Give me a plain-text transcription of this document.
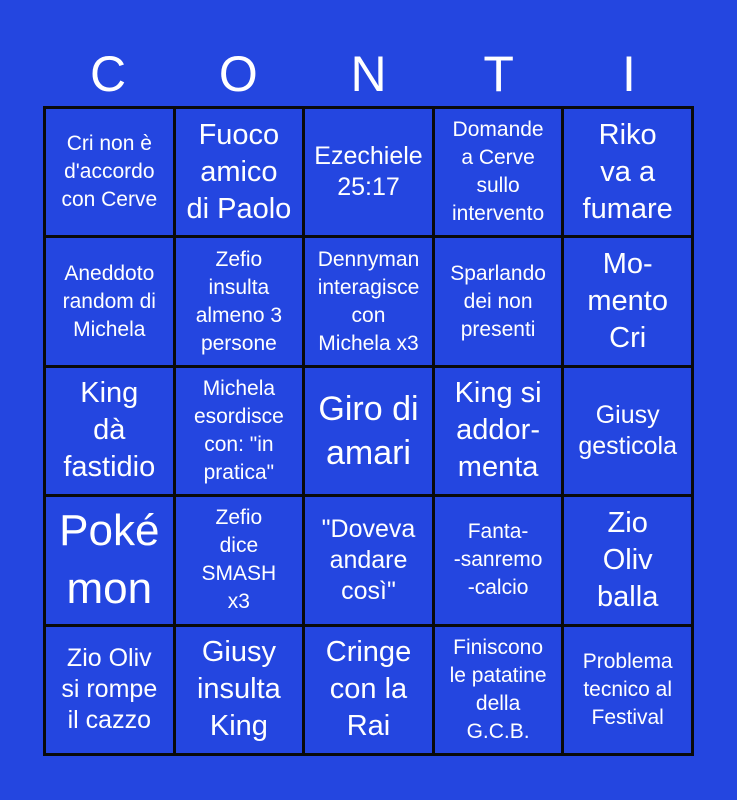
C	O	N	T	I
Cri non è
d'accordo
con Cerve
Fuoco
amico
di Paolo
Ezechiele
25:17
Domande
a Cerve
sullo
intervento
Riko
va a
fumare
Aneddoto
random di
Michela
Zefio
insulta
almeno 3
persone
Dennyman
interagisce
con
Michela x3
Sparlando
dei non
presenti
Mo-
mento
Cri
King
dà
fastidio
Michela
esordisce
con: "in
pratica"
Giro di
amari
King si
addor-
menta
Giusy
gesticola
Poké
mon
Zefio
dice
SMASH
x3
"Doveva
andare
così"
Fanta-
-sanremo
-calcio
Zio
Oliv
balla
Zio Oliv
si rompe
il cazzo
Giusy
insulta
King
Cringe
con la
Rai
Finiscono
le patatine
della
G.C.B.
Problema
tecnico al
Festival
